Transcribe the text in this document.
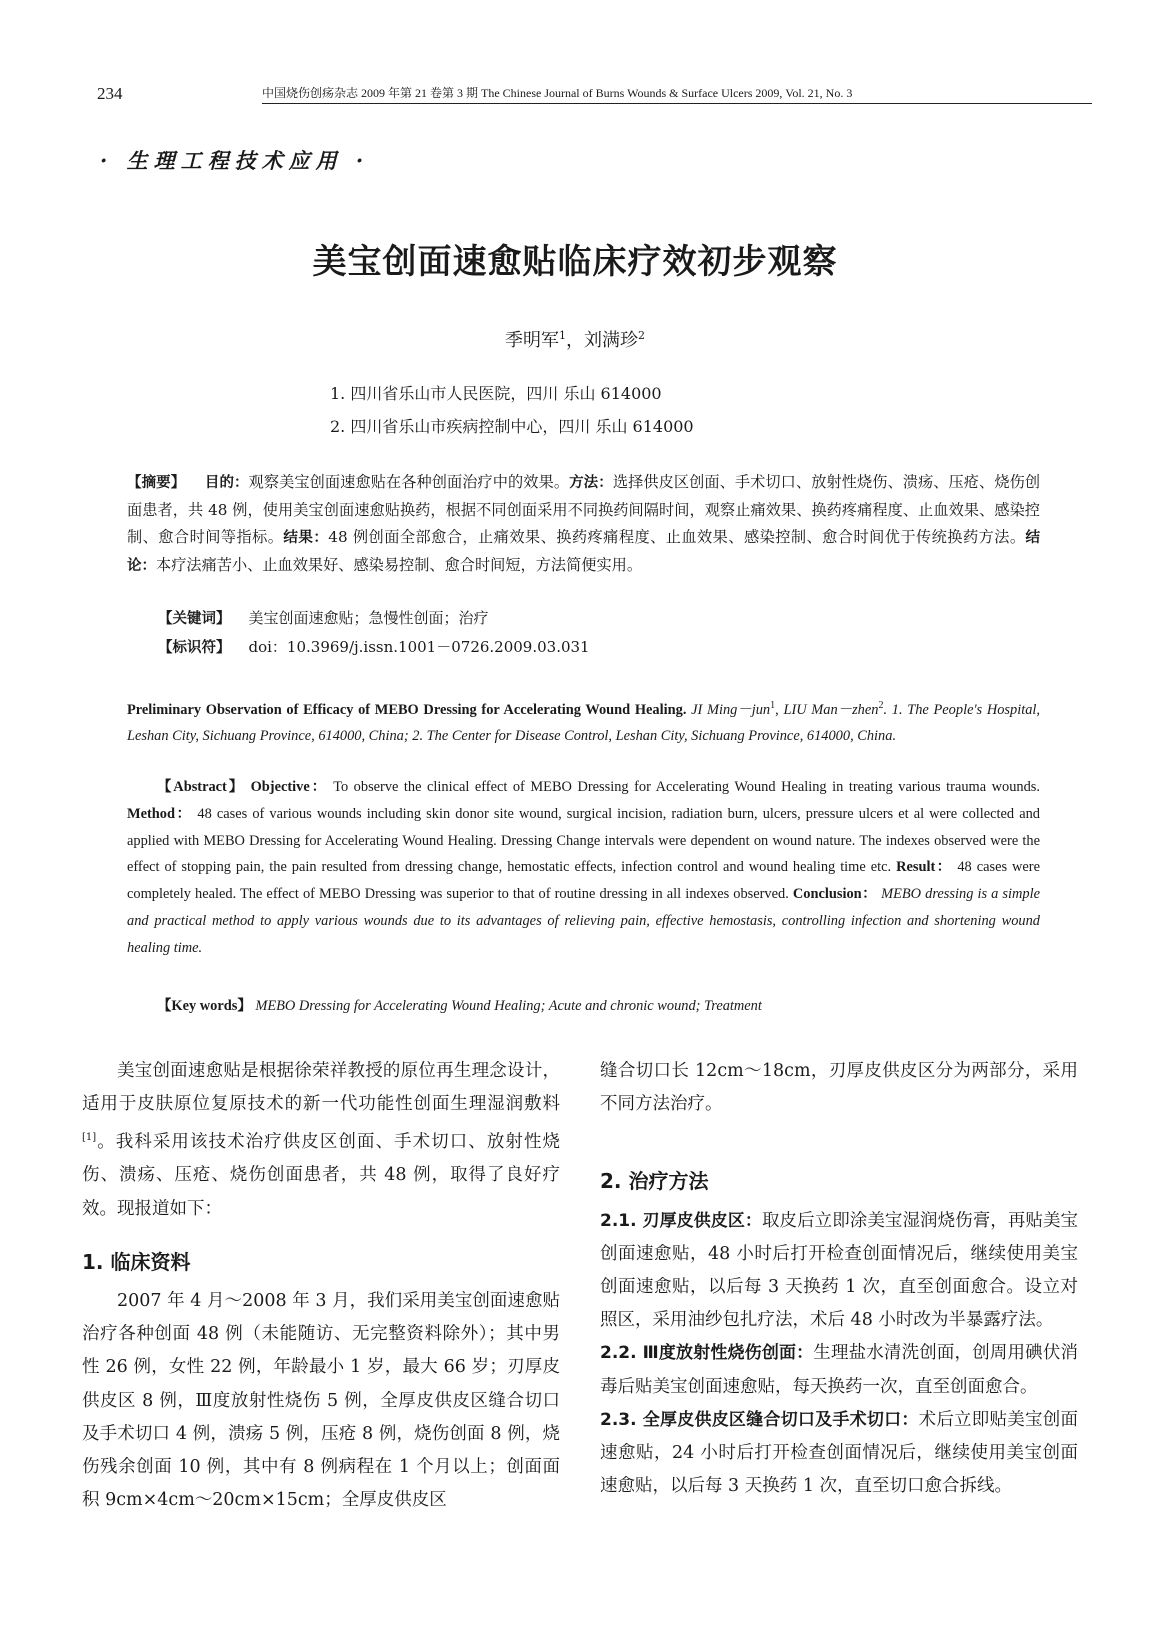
234	中国烧伤创疡杂志 2009 年第 21 卷第 3 期 The Chinese Journal of Burns Wounds & Surface Ulcers 2009, Vol. 21, No. 3
· 生理工程技术应用 ·
美宝创面速愈贴临床疗效初步观察
季明军$^1$，刘满珍$^2$
1. 四川省乐山市人民医院，四川 乐山 614000
2. 四川省乐山市疾病控制中心，四川 乐山 614000
【摘要】 目的：观察美宝创面速愈贴在各种创面治疗中的效果。方法：选择供皮区创面、手术切口、放射性烧伤、溃疡、压疮、烧伤创面患者，共 48 例，使用美宝创面速愈贴换药，根据不同创面采用不同换药间隔时间，观察止痛效果、换药疼痛程度、止血效果、感染控制、愈合时间等指标。结果：48 例创面全部愈合，止痛效果、换药疼痛程度、止血效果、感染控制、愈合时间优于传统换药方法。结论：本疗法痛苦小、止血效果好、感染易控制、愈合时间短，方法简便实用。
【关键词】 美宝创面速愈贴；急慢性创面；治疗
【标识符】 doi：10.3969/j.issn.1001－0726.2009.03.031
Preliminary Observation of Efficacy of MEBO Dressing for Accelerating Wound Healing. JI Ming－jun$^1$, LIU Man－zhen$^2$. 1. The People's Hospital, Leshan City, Sichuang Province, 614000, China; 2. The Center for Disease Control, Leshan City, Sichuang Province, 614000, China.
【Abstract】 Objective： To observe the clinical effect of MEBO Dressing for Accelerating Wound Healing in treating various trauma wounds. Method： 48 cases of various wounds including skin donor site wound, surgical incision, radiation burn, ulcers, pressure ulcers et al were collected and applied with MEBO Dressing for Accelerating Wound Healing. Dressing Change intervals were dependent on wound nature. The indexes observed were the effect of stopping pain, the pain resulted from dressing change, hemostatic effects, infection control and wound healing time etc. Result： 48 cases were completely healed. The effect of MEBO Dressing was superior to that of routine dressing in all indexes observed. Conclusion： MEBO dressing is a simple and practical method to apply various wounds due to its advantages of relieving pain, effective hemostasis, controlling infection and shortening wound healing time.
【Key words】 MEBO Dressing for Accelerating Wound Healing; Acute and chronic wound; Treatment

美宝创面速愈贴是根据徐荣祥教授的原位再生理念设计，适用于皮肤原位复原技术的新一代功能性创面生理湿润敷料[1]。我科采用该技术治疗供皮区创面、手术切口、放射性烧伤、溃疡、压疮、烧伤创面患者，共 48 例，取得了良好疗效。现报道如下：

1. 临床资料

2007 年 4 月～2008 年 3 月，我们采用美宝创面速愈贴治疗各种创面 48 例（未能随访、无完整资料除外）；其中男性 26 例，女性 22 例，年龄最小 1 岁，最大 66 岁；刃厚皮供皮区 8 例，Ⅲ度放射性烧伤 5 例，全厚皮供皮区缝合切口及手术切口 4 例，溃疡 5 例，压疮 8 例，烧伤创面 8 例，烧伤残余创面 10 例，其中有 8 例病程在 1 个月以上；创面面积 9cm×4cm～20cm×15cm；全厚皮供皮区

缝合切口长 12cm～18cm，刃厚皮供皮区分为两部分，采用不同方法治疗。

2. 治疗方法

2.1. 刃厚皮供皮区：取皮后立即涂美宝湿润烧伤膏，再贴美宝创面速愈贴，48 小时后打开检查创面情况后，继续使用美宝创面速愈贴，以后每 3 天换药 1 次，直至创面愈合。设立对照区，采用油纱包扎疗法，术后 48 小时改为半暴露疗法。

2.2. Ⅲ度放射性烧伤创面：生理盐水清洗创面，创周用碘伏消毒后贴美宝创面速愈贴，每天换药一次，直至创面愈合。

2.3. 全厚皮供皮区缝合切口及手术切口：术后立即贴美宝创面速愈贴，24 小时后打开检查创面情况后，继续使用美宝创面速愈贴，以后每 3 天换药 1 次，直至切口愈合拆线。
